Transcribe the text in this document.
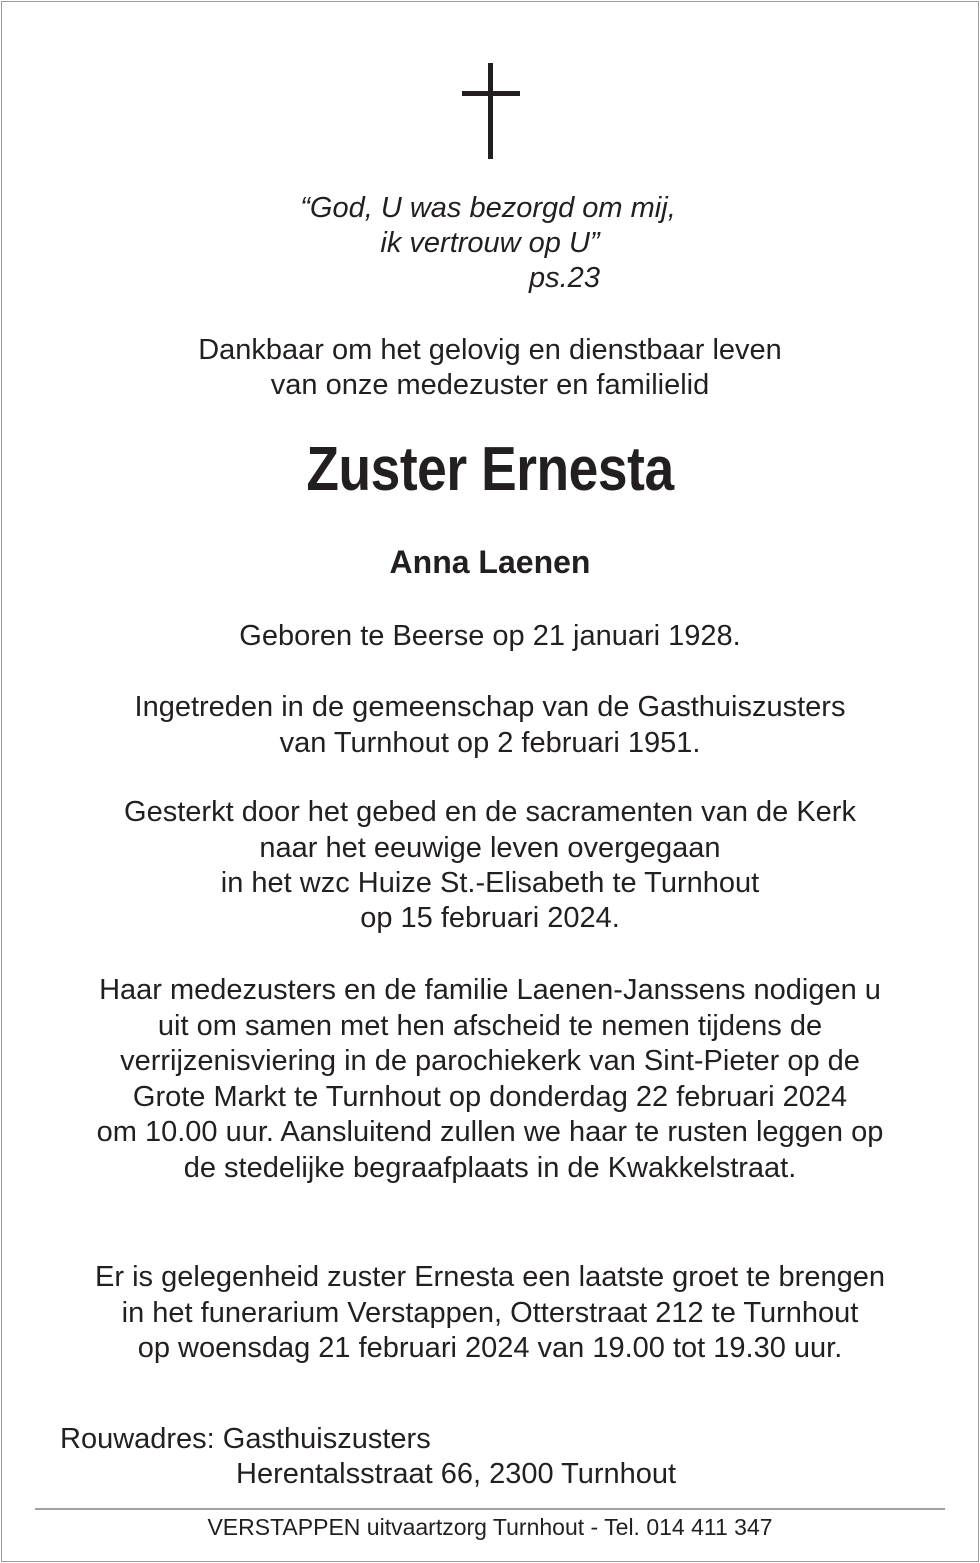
“God, U was bezorgd om mij,
ik vertrouw op U”
ps.23
Dankbaar om het gelovig en dienstbaar leven
van onze medezuster en familielid
Zuster Ernesta
Anna Laenen
Geboren te Beerse op 21 januari 1928.
Ingetreden in de gemeenschap van de Gasthuiszusters
van Turnhout op 2 februari 1951.
Gesterkt door het gebed en de sacramenten van de Kerk
naar het eeuwige leven overgegaan
in het wzc Huize St.-Elisabeth te Turnhout
op 15 februari 2024.
Haar medezusters en de familie Laenen-Janssens nodigen u
uit om samen met hen afscheid te nemen tijdens de
verrijzenisviering in de parochiekerk van Sint-Pieter op de
Grote Markt te Turnhout op donderdag 22 februari 2024
om 10.00 uur. Aansluitend zullen we haar te rusten leggen op
de stedelijke begraafplaats in de Kwakkelstraat.
Er is gelegenheid zuster Ernesta een laatste groet te brengen
in het funerarium Verstappen, Otterstraat 212 te Turnhout
op woensdag 21 februari 2024 van 19.00 tot 19.30 uur.
Rouwadres: Gasthuiszusters
Herentalsstraat 66, 2300 Turnhout
VERSTAPPEN uitvaartzorg Turnhout - Tel. 014 411 347
